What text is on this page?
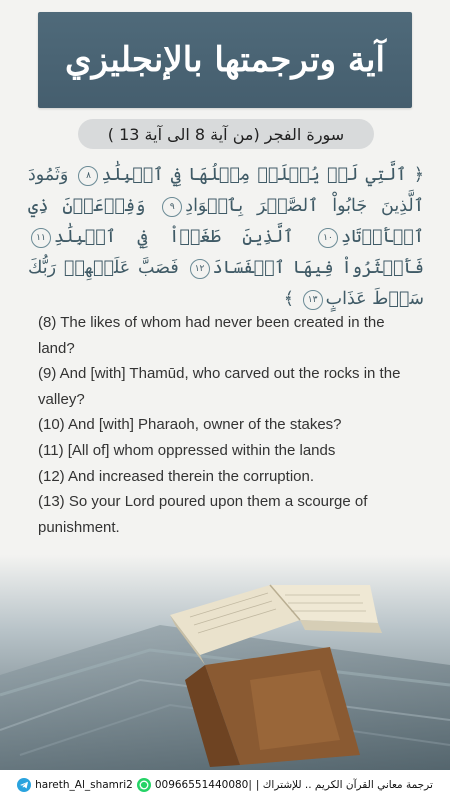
آية وترجمتها بالإنجليزي
سورة الفجر (من آية 8 الى آية 13 )
﴿ ٱلَّتِي لَمۡ يُخۡلَقۡ مِثۡلُهَا فِي ٱلۡبِلَٰدِ٨ وَثَمُودَ ٱلَّذِينَ جَابُواْ ٱلصَّخۡرَ بِٱلۡوَادِ٩ وَفِرۡعَوۡنَ ذِي ٱلۡأَوۡتَادِ١٠ ٱلَّذِينَ طَغَوۡاْ فِي ٱلۡبِلَٰدِ١١ فَأَكۡثَرُواْ فِيهَا ٱلۡفَسَادَ١٢ فَصَبَّ عَلَيۡهِمۡ رَبُّكَ سَوۡطَ عَذَابٍ١٣ ﴾

(8) The likes of whom had never been created in the land?

(9) And [with] Thamūd, who carved out the rocks in the valley?

(10) And [with] Pharaoh, owner of the stakes?

(11) [All of] whom oppressed within the lands

(12) And increased therein the corruption.

(13) So your Lord poured upon them a scourge of punishment.

hareth_Al_shamri2 00966551440080| ترجمة معاني القرآن الكريم .. للإشتراك |
